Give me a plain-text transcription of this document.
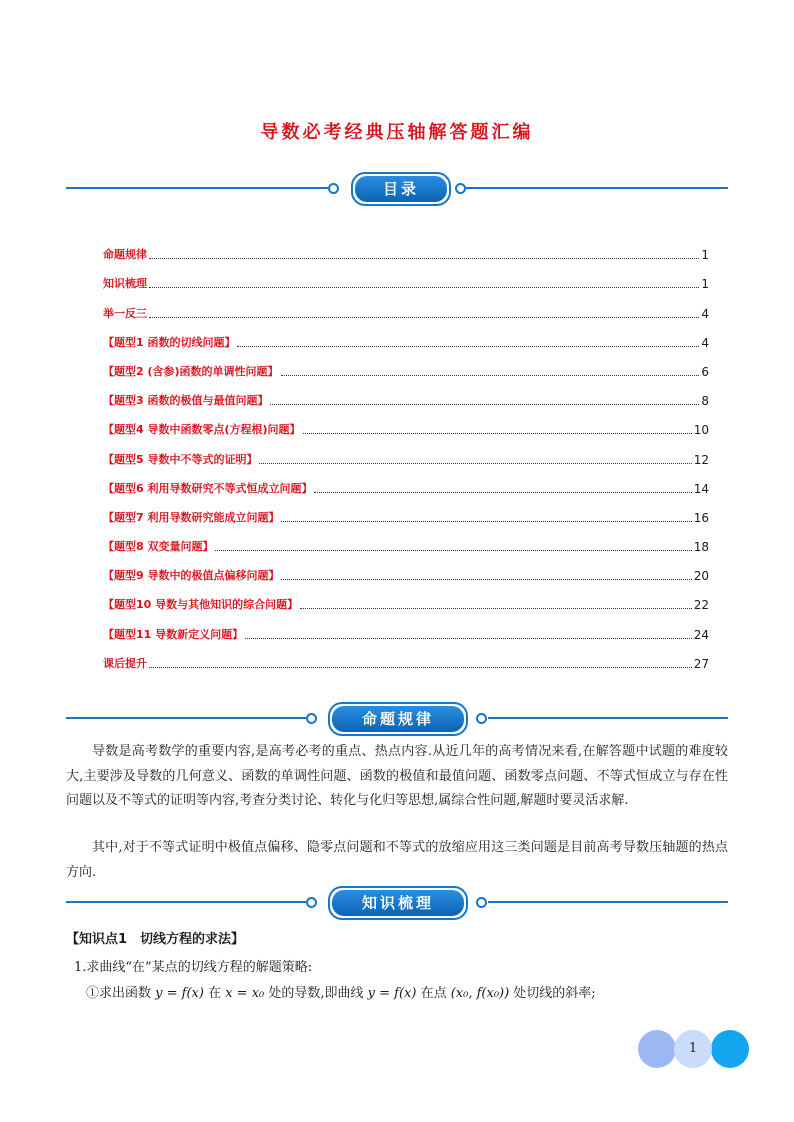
导数必考经典压轴解答题汇编
目录
命题规律	1
知识梳理	1
举一反三	4
【题型1 函数的切线问题】	4
【题型2 (含参)函数的单调性问题】	6
【题型3 函数的极值与最值问题】	8
【题型4 导数中函数零点(方程根)问题】	10
【题型5 导数中不等式的证明】	12
【题型6 利用导数研究不等式恒成立问题】	14
【题型7 利用导数研究能成立问题】	16
【题型8 双变量问题】	18
【题型9 导数中的极值点偏移问题】	20
【题型10 导数与其他知识的综合问题】	22
【题型11 导数新定义问题】	24
课后提升	27
命题规律
导数是高考数学的重要内容,是高考必考的重点、热点内容.从近几年的高考情况来看,在解答题中试题的难度较大,主要涉及导数的几何意义、函数的单调性问题、函数的极值和最值问题、函数零点问题、不等式恒成立与存在性问题以及不等式的证明等内容,考查分类讨论、转化与化归等思想,属综合性问题,解题时要灵活求解.
其中,对于不等式证明中极值点偏移、隐零点问题和不等式的放缩应用这三类问题是目前高考导数压轴题的热点方向.
知识梳理
【知识点1　切线方程的求法】
1.求曲线“在”某点的切线方程的解题策略:
①求出函数 y = f(x) 在 x = x₀ 处的导数,即曲线 y = f(x) 在点 (x₀, f(x₀)) 处切线的斜率;
1
